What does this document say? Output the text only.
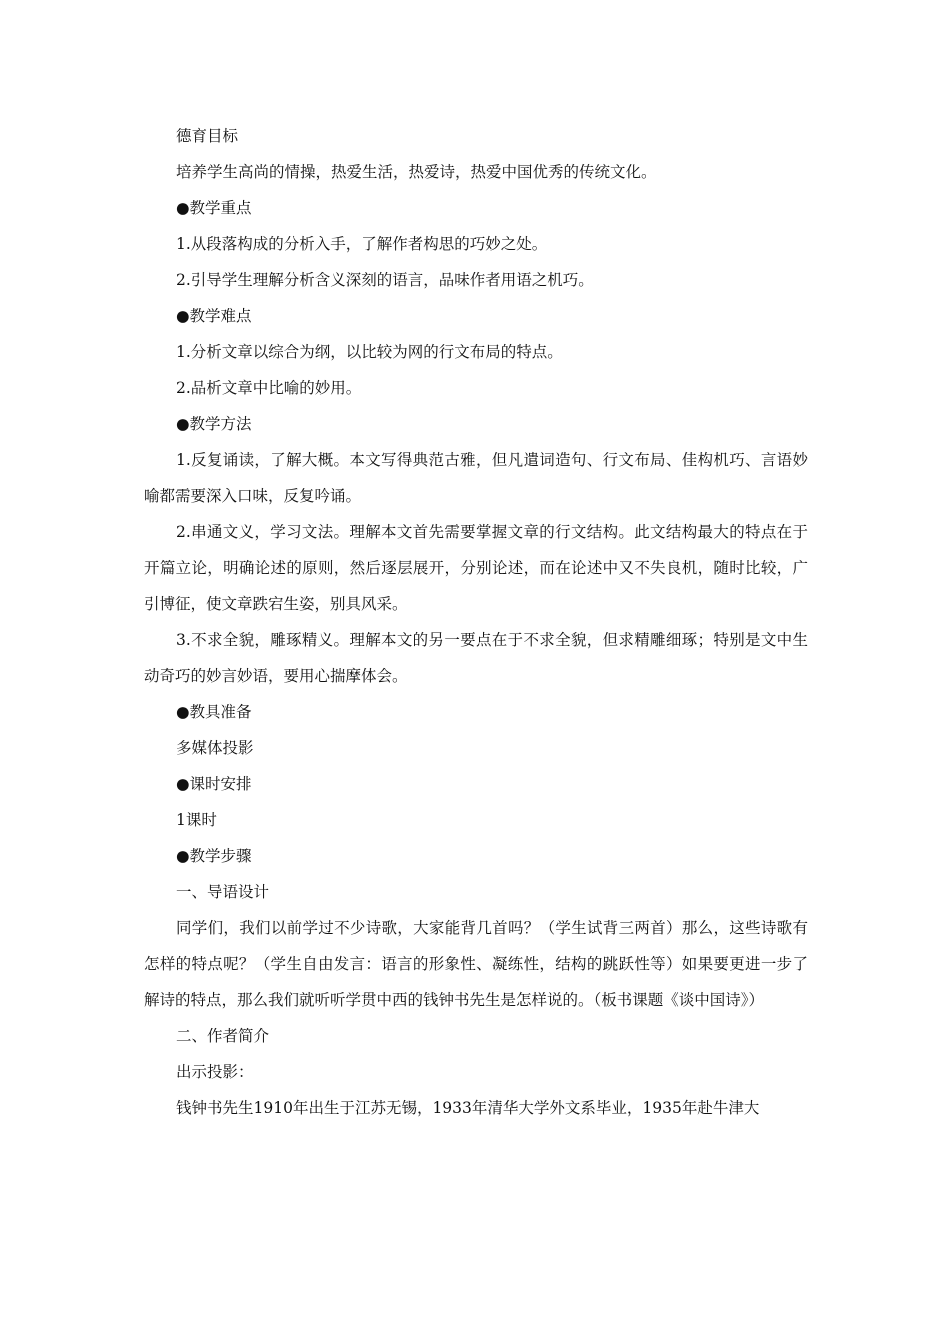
德育目标

培养学生高尚的情操，热爱生活，热爱诗，热爱中国优秀的传统文化。

●教学重点

1.从段落构成的分析入手，了解作者构思的巧妙之处。

2.引导学生理解分析含义深刻的语言，品味作者用语之机巧。

●教学难点

1.分析文章以综合为纲，以比较为网的行文布局的特点。

2.品析文章中比喻的妙用。

●教学方法

1.反复诵读，了解大概。本文写得典范古雅，但凡遣词造句、行文布局、佳构机巧、言语妙喻都需要深入口味，反复吟诵。

2.串通文义，学习文法。理解本文首先需要掌握文章的行文结构。此文结构最大的特点在于开篇立论，明确论述的原则，然后逐层展开，分别论述，而在论述中又不失良机，随时比较，广引博征，使文章跌宕生姿，别具风采。

3.不求全貌，雕琢精义。理解本文的另一要点在于不求全貌，但求精雕细琢；特别是文中生动奇巧的妙言妙语，要用心揣摩体会。

●教具准备

多媒体投影

●课时安排

1课时

●教学步骤

一、导语设计

同学们，我们以前学过不少诗歌，大家能背几首吗？（学生试背三两首）那么，这些诗歌有怎样的特点呢？（学生自由发言：语言的形象性、凝练性，结构的跳跃性等）如果要更进一步了解诗的特点，那么我们就听听学贯中西的钱钟书先生是怎样说的。（板书课题《谈中国诗》）

二、作者简介

出示投影：

钱钟书先生1910年出生于江苏无锡，1933年清华大学外文系毕业，1935年赴牛津大
